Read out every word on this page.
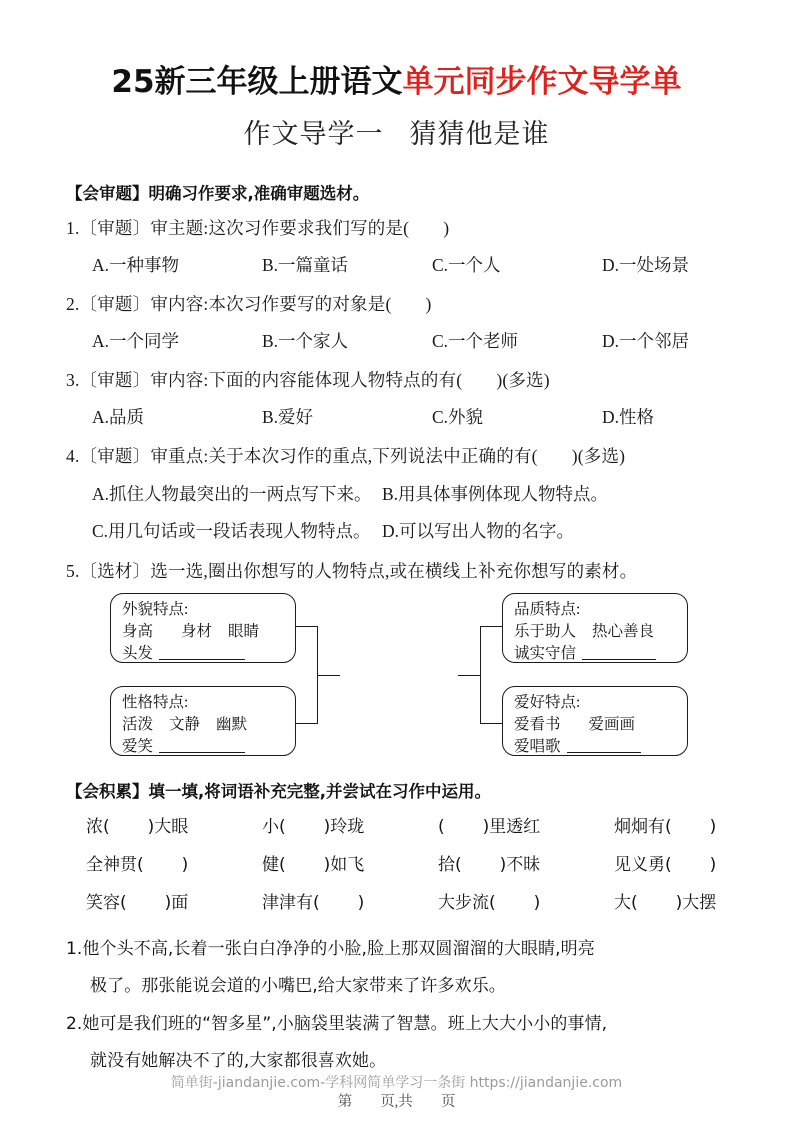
25新三年级上册语文单元同步作文导学单
作文导学一 猜猜他是谁
【会审题】明确习作要求,准确审题选材。
1.〔审题〕审主题:这次习作要求我们写的是( )
A.一种事物	B.一篇童话	C.一个人	D.一处场景
2.〔审题〕审内容:本次习作要写的对象是( )
A.一个同学	B.一个家人	C.一个老师	D.一个邻居
3.〔审题〕审内容:下面的内容能体现人物特点的有( )(多选)
A.品质	B.爱好	C.外貌	D.性格
4.〔审题〕审重点:关于本次习作的重点,下列说法中正确的有( )(多选)
A.抓住人物最突出的一两点写下来。 B.用具体事例体现人物特点。
C.用几句话或一段话表现人物特点。 D.可以写出人物的名字。
5.〔选材〕选一选,圈出你想写的人物特点,或在横线上补充你想写的素材。
外貌特点:
身高 身材 眼睛
头发
性格特点:
活泼 文静 幽默
爱笑
品质特点:
乐于助人 热心善良
诚实守信
爱好特点:
爱看书 爱画画
爱唱歌
【会积累】填一填,将词语补充完整,并尝试在习作中运用。
浓( )大眼	小( )玲珑	( )里透红	炯炯有( )
全神贯( )	健( )如飞	拾( )不昧	见义勇( )
笑容( )面	津津有( )	大步流( )	大( )大摆
1.他个头不高,长着一张白白净净的小脸,脸上那双圆溜溜的大眼睛,明亮
极了。那张能说会道的小嘴巴,给大家带来了许多欢乐。
2.她可是我们班的“智多星”,小脑袋里装满了智慧。班上大大小小的事情,
就没有她解决不了的,大家都很喜欢她。
简单街-jiandanjie.com-学科网简单学习一条街 https://jiandanjie.com
第 页,共 页
